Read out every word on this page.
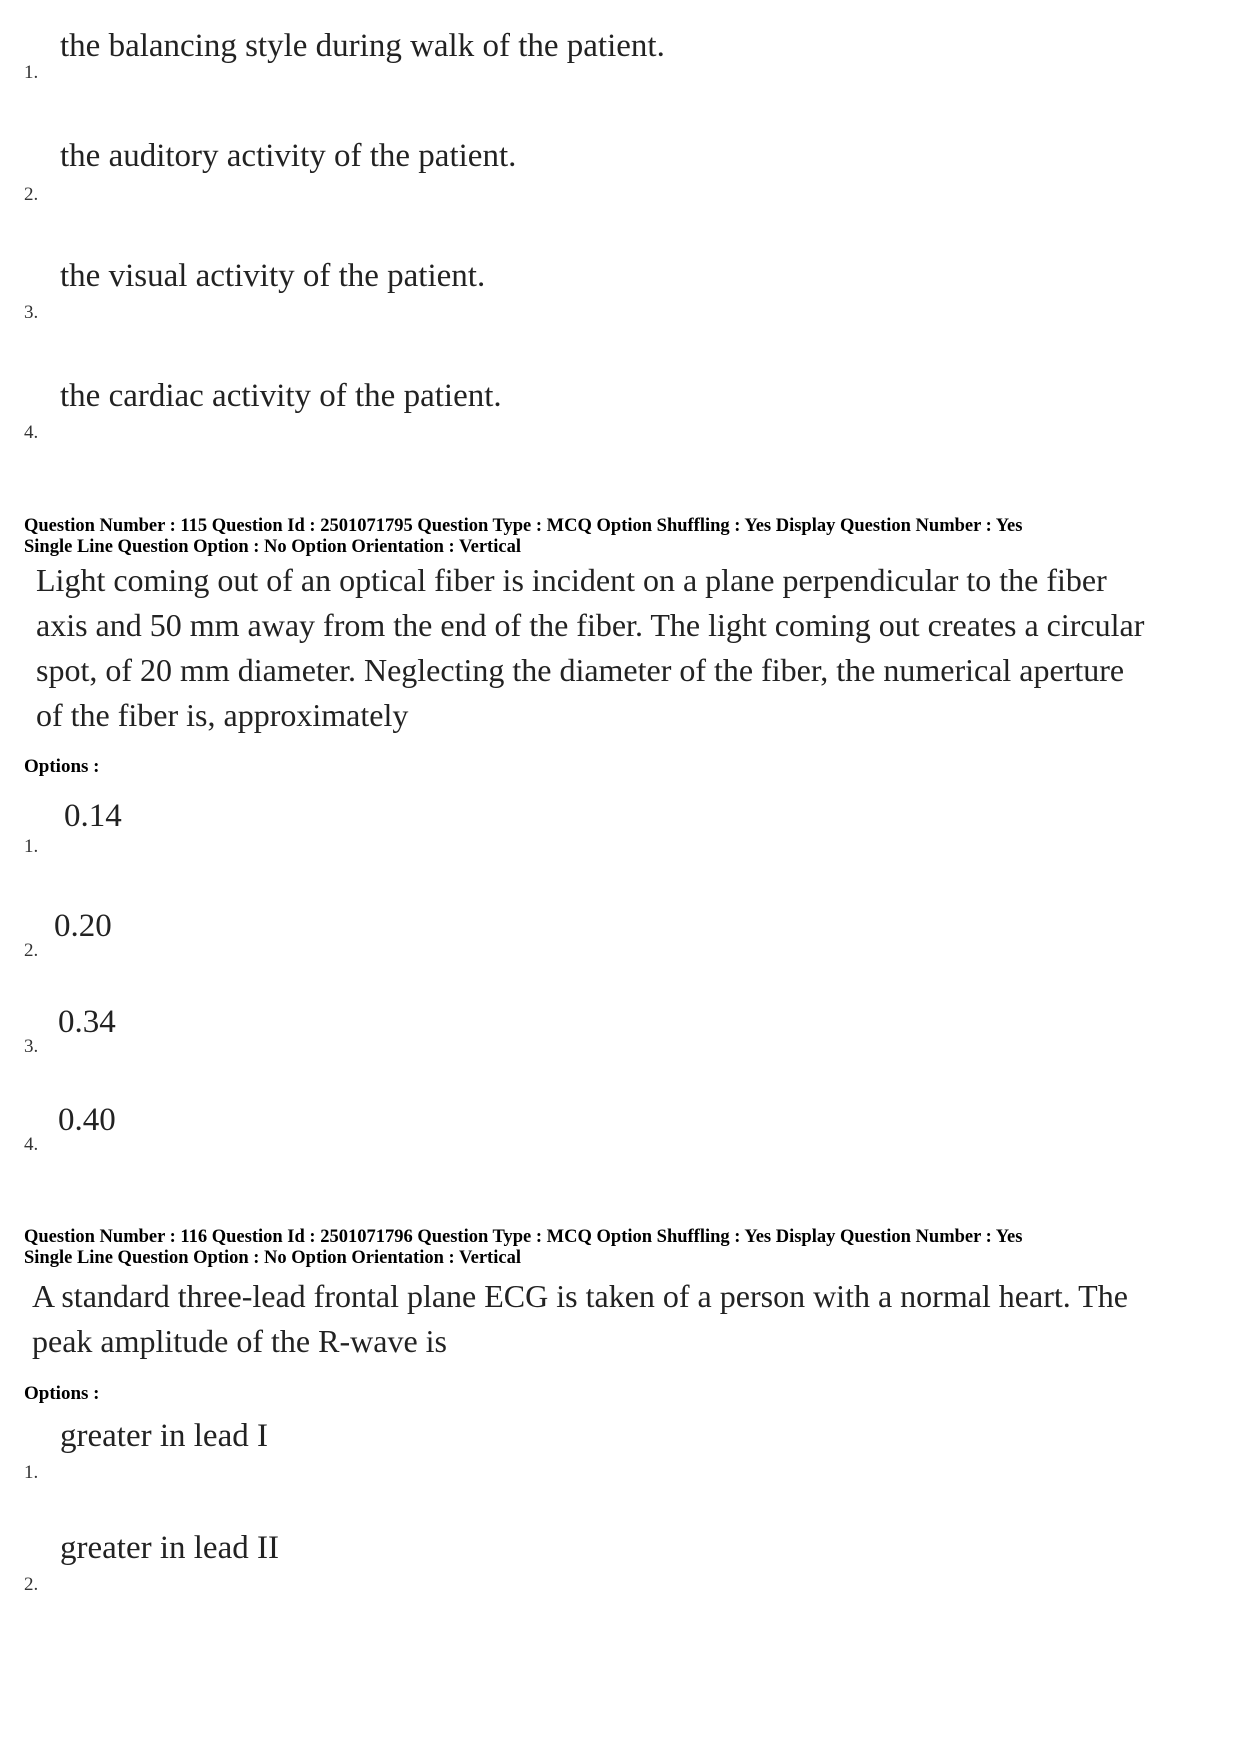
the balancing style during walk of the patient.
1.
the auditory activity of the patient.
2.
the visual activity of the patient.
3.
the cardiac activity of the patient.
4.
Question Number : 115 Question Id : 2501071795 Question Type : MCQ Option Shuffling : Yes Display Question Number : Yes
Single Line Question Option : No Option Orientation : Vertical
Light coming out of an optical fiber is incident on a plane perpendicular to the fiber
axis and 50 mm away from the end of the fiber. The light coming out creates a circular
spot, of 20 mm diameter. Neglecting the diameter of the fiber, the numerical aperture
of the fiber is, approximately
Options :
0.14
1.
0.20
2.
0.34
3.
0.40
4.
Question Number : 116 Question Id : 2501071796 Question Type : MCQ Option Shuffling : Yes Display Question Number : Yes
Single Line Question Option : No Option Orientation : Vertical
A standard three-lead frontal plane ECG is taken of a person with a normal heart. The
peak amplitude of the R-wave is
Options :
greater in lead I
1.
greater in lead II
2.
